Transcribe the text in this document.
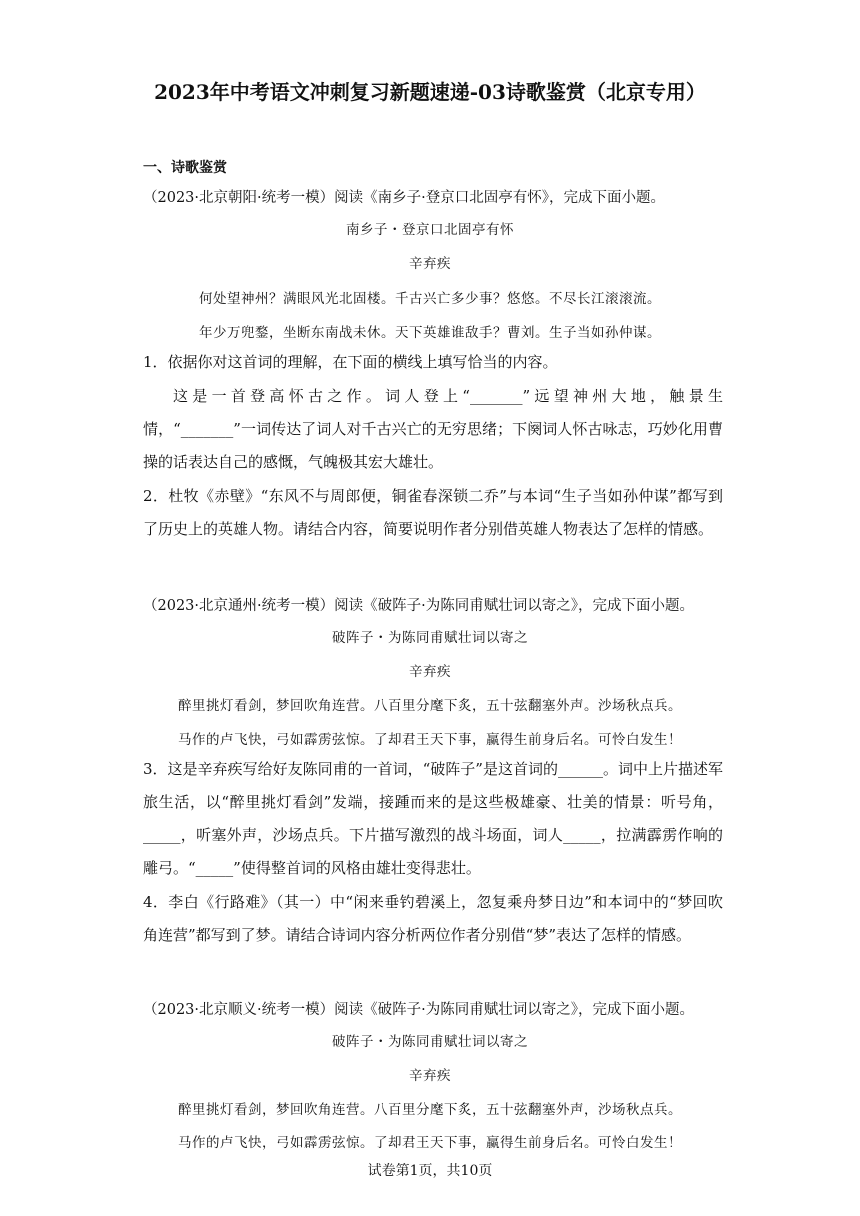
2023年中考语文冲刺复习新题速递-03诗歌鉴赏（北京专用）
一、诗歌鉴赏
（2023·北京朝阳·统考一模）阅读《南乡子·登京口北固亭有怀》，完成下面小题。
南乡子・登京口北固亭有怀
辛弃疾
何处望神州？满眼风光北固楼。千古兴亡多少事？悠悠。不尽长江滚滚流。
年少万兜鍪，坐断东南战未休。天下英雄谁敌手？曹刘。生子当如孙仲谋。
1．依据你对这首词的理解，在下面的横线上填写恰当的内容。
这是一首登高怀古之作。词人登上“_______”远望神州大地，触景生情，“_______”一词传达了词人对千古兴亡的无穷思绪；下阕词人怀古咏志，巧妙化用曹操的话表达自己的感慨，气魄极其宏大雄壮。
2．杜牧《赤壁》“东风不与周郎便，铜雀春深锁二乔”与本词“生子当如孙仲谋”都写到了历史上的英雄人物。请结合内容，简要说明作者分别借英雄人物表达了怎样的情感。
（2023·北京通州·统考一模）阅读《破阵子·为陈同甫赋壮词以寄之》，完成下面小题。
破阵子・为陈同甫赋壮词以寄之
辛弃疾
醉里挑灯看剑，梦回吹角连营。八百里分麾下炙，五十弦翻塞外声。沙场秋点兵。
马作的卢飞快，弓如霹雳弦惊。了却君王天下事，赢得生前身后名。可怜白发生！
3．这是辛弃疾写给好友陈同甫的一首词，“破阵子”是这首词的______。词中上片描述军旅生活，以“醉里挑灯看剑”发端，接踵而来的是这些极雄豪、壮美的情景：听号角，_____，听塞外声，沙场点兵。下片描写激烈的战斗场面，词人_____，拉满霹雳作响的雕弓。“_____”使得整首词的风格由雄壮变得悲壮。
4．李白《行路难》（其一）中“闲来垂钓碧溪上，忽复乘舟梦日边”和本词中的“梦回吹角连营”都写到了梦。请结合诗词内容分析两位作者分别借“梦”表达了怎样的情感。
（2023·北京顺义·统考一模）阅读《破阵子·为陈同甫赋壮词以寄之》，完成下面小题。
破阵子・为陈同甫赋壮词以寄之
辛弃疾
醉里挑灯看剑，梦回吹角连营。八百里分麾下炙，五十弦翻塞外声，沙场秋点兵。
马作的卢飞快，弓如霹雳弦惊。了却君王天下事，赢得生前身后名。可怜白发生！
试卷第1页，共10页
